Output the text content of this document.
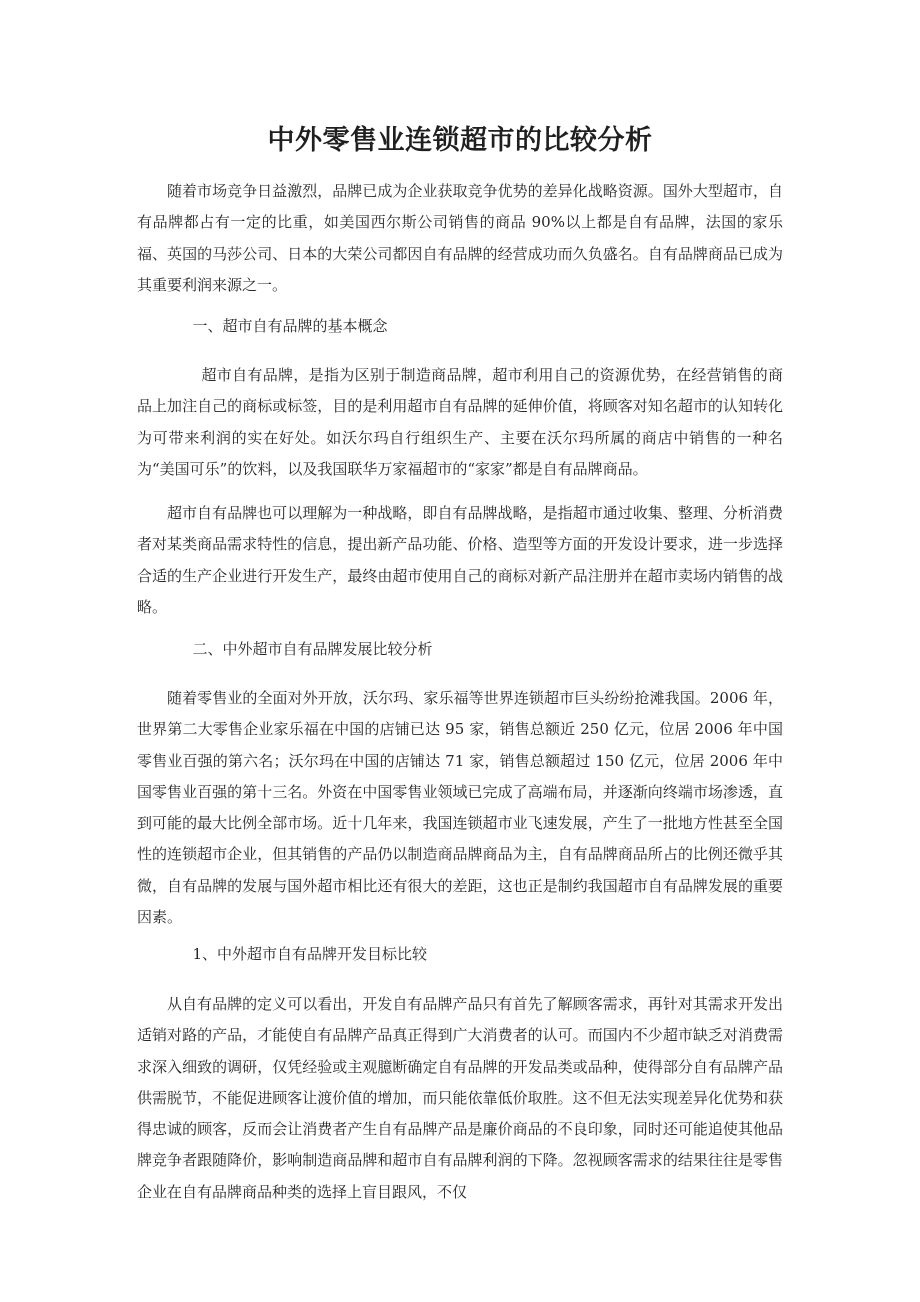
中外零售业连锁超市的比较分析

随着市场竞争日益激烈，品牌已成为企业获取竞争优势的差异化战略资源。国外大型超市，自有品牌都占有一定的比重，如美国西尔斯公司销售的商品 90%以上都是自有品牌，法国的家乐福、英国的马莎公司、日本的大荣公司都因自有品牌的经营成功而久负盛名。自有品牌商品已成为其重要利润来源之一。

一、超市自有品牌的基本概念

超市自有品牌，是指为区别于制造商品牌，超市利用自己的资源优势，在经营销售的商品上加注自己的商标或标签，目的是利用超市自有品牌的延伸价值，将顾客对知名超市的认知转化为可带来利润的实在好处。如沃尔玛自行组织生产、主要在沃尔玛所属的商店中销售的一种名为“美国可乐”的饮料，以及我国联华万家福超市的“家家”都是自有品牌商品。

超市自有品牌也可以理解为一种战略，即自有品牌战略，是指超市通过收集、整理、分析消费者对某类商品需求特性的信息，提出新产品功能、价格、造型等方面的开发设计要求，进一步选择合适的生产企业进行开发生产，最终由超市使用自己的商标对新产品注册并在超市卖场内销售的战略。

二、中外超市自有品牌发展比较分析

随着零售业的全面对外开放，沃尔玛、家乐福等世界连锁超市巨头纷纷抢滩我国。2006 年，世界第二大零售企业家乐福在中国的店铺已达 95 家，销售总额近 250 亿元，位居 2006 年中国零售业百强的第六名；沃尔玛在中国的店铺达 71 家，销售总额超过 150 亿元，位居 2006 年中国零售业百强的第十三名。外资在中国零售业领域已完成了高端布局，并逐渐向终端市场渗透，直到可能的最大比例全部市场。近十几年来，我国连锁超市业飞速发展，产生了一批地方性甚至全国性的连锁超市企业，但其销售的产品仍以制造商品牌商品为主，自有品牌商品所占的比例还微乎其微，自有品牌的发展与国外超市相比还有很大的差距，这也正是制约我国超市自有品牌发展的重要因素。

1、中外超市自有品牌开发目标比较

从自有品牌的定义可以看出，开发自有品牌产品只有首先了解顾客需求，再针对其需求开发出适销对路的产品，才能使自有品牌产品真正得到广大消费者的认可。而国内不少超市缺乏对消费需求深入细致的调研，仅凭经验或主观臆断确定自有品牌的开发品类或品种，使得部分自有品牌产品供需脱节，不能促进顾客让渡价值的增加，而只能依靠低价取胜。这不但无法实现差异化优势和获得忠诚的顾客，反而会让消费者产生自有品牌产品是廉价商品的不良印象，同时还可能追使其他品牌竞争者跟随降价，影响制造商品牌和超市自有品牌利润的下降。忽视顾客需求的结果往往是零售企业在自有品牌商品种类的选择上盲目跟风，不仅
